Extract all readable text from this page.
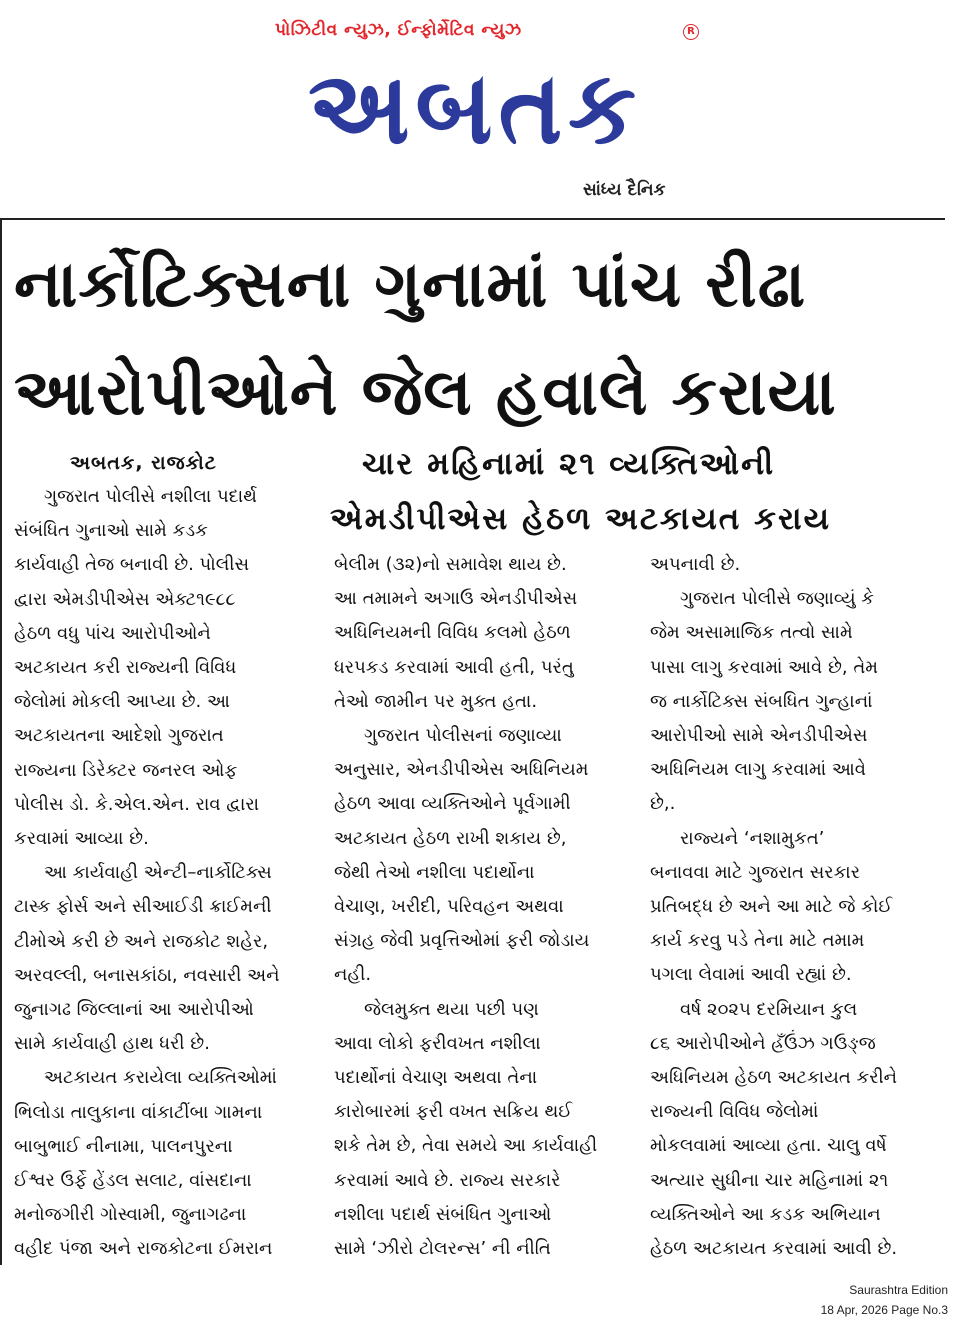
પોઝિટીવ ન્યુઝ, ઈન્ફોર્મેટિવ ન્યુઝ
અબતક
R
સાંધ્ય દૈનિક
નાર્કોટિક્સના ગુનામાં પાંચ રીઢા
આરોપીઓને જેલ હવાલે કરાયા
અબતક, રાજકોટ	ચાર મહિનામાં ૨૧ વ્યક્તિઓની
એમડીપીએસ હેઠળ અટકાયત કરાય

ગુજરાત પોલીસે નશીલા પદાર્થ

સંબંધિત ગુનાઓ સામે કડક

કાર્યવાહી તેજ બનાવી છે. પોલીસ

દ્વારા એમડીપીએસ એક્ટ૧૯૮૮

હેઠળ વધુ પાંચ આરોપીઓને

અટકાયત કરી રાજ્યની વિવિધ

જેલોમાં મોકલી આપ્યા છે. આ

અટકાયતના આદેશો ગુજરાત

રાજ્યના ડિરેક્ટર જનરલ ઓફ

પોલીસ ડો. કે.એલ.એન. રાવ દ્વારા

કરવામાં આવ્યા છે.

આ કાર્યવાહી એન્ટી–નાર્કોટિક્સ

ટાસ્ક ફોર્સ અને સીઆઈડી ક્રાઈમની

ટીમોએ કરી છે અને રાજકોટ શહેર,

અરવલ્લી, બનાસકાંઠા, નવસારી અને

જુનાગઢ જિલ્લાનાં આ આરોપીઓ

સામે કાર્યવાહી હાથ ધરી છે.

અટકાયત કરાયેલા વ્યક્તિઓમાં

ભિલોડા તાલુકાના વાંકાટીંબા ગામના

બાબુભાઈ નીનામા, પાલનપુરના

ઈશ્વર ઉર્ફે હેંડલ સલાટ, વાંસદાના

મનોજગીરી ગોસ્વામી, જુનાગઢના

વહીદ પંજા અને રાજકોટના ઈમરાન

બેલીમ (૩૨)નો સમાવેશ થાય છે.

આ તમામને અગાઉ એનડીપીએસ

અધિનિયમની વિવિધ કલમો હેઠળ

ધરપકડ કરવામાં આવી હતી, પરંતુ

તેઓ જામીન પર મુક્ત હતા.

ગુજરાત પોલીસનાં જણાવ્યા

અનુસાર, એનડીપીએસ અધિનિયમ

હેઠળ આવા વ્યક્તિઓને પૂર્વગામી

અટકાયત હેઠળ રાખી શકાય છે,

જેથી તેઓ નશીલા પદાર્થોના

વેચાણ, ખરીદી, પરિવહન અથવા

સંગ્રહ જેવી પ્રવૃત્તિઓમાં ફરી જોડાય

નહી.

જેલમુક્ત થયા પછી પણ

આવા લોકો ફરીવખત નશીલા

પદાર્થોનાં વેચાણ અથવા તેના

કારોબારમાં ફરી વખત સક્રિય થઈ

શકે તેમ છે, તેવા સમયે આ કાર્યવાહી

કરવામાં આવે છે. રાજ્ય સરકારે

નશીલા પદાર્થ સંબંધિત ગુનાઓ

સામે ‘ઝીરો ટોલરન્સ’ ની નીતિ

અપનાવી છે.

ગુજરાત પોલીસે જણાવ્યું કે

જેમ અસામાજિક તત્વો સામે

પાસા લાગુ કરવામાં આવે છે, તેમ

જ નાર્કોટિક્સ સંબધિત ગુન્હાનાં

આરોપીઓ સામે એનડીપીએસ

અધિનિયમ લાગુ કરવામાં આવે

છે,.

રાજ્યને ‘નશામુકત’

બનાવવા માટે ગુજરાત સરકાર

પ્રતિબદ્ધ છે અને આ માટે જે કોઈ

કાર્ય કરવુ પડે તેના માટે તમામ

પગલા લેવામાં આવી રહ્યાં છે.

વર્ષ ૨૦૨૫ દરમિયાન કુલ

૮૬ આરોપીઓને હ્રઁઉંઝ ગઉઙ્જ

અધિનિયમ હેઠળ અટકાયત કરીને

રાજ્યની વિવિધ જેલોમાં

મોકલવામાં આવ્યા હતા. ચાલુ વર્ષે

અત્યાર સુધીના ચાર મહિનામાં ૨૧

વ્યક્તિઓને આ કડક અભિયાન

હેઠળ અટકાયત કરવામાં આવી છે.

Saurashtra Edition
18 Apr, 2026 Page No.3
